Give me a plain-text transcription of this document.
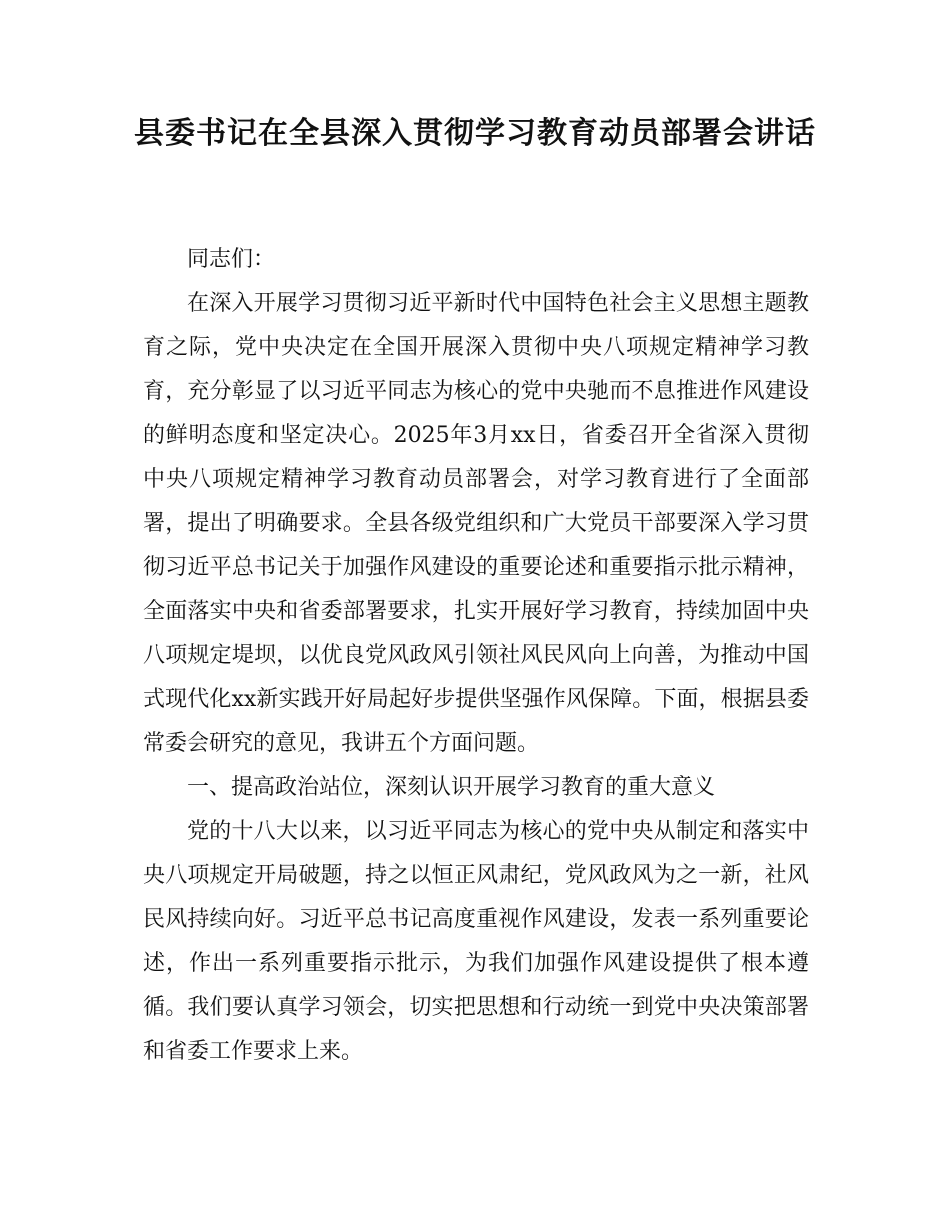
县委书记在全县深入贯彻学习教育动员部署会讲话

同志们：

在深入开展学习贯彻习近平新时代中国特色社会主义思想主题教育之际，党中央决定在全国开展深入贯彻中央八项规定精神学习教育，充分彰显了以习近平同志为核心的党中央驰而不息推进作风建设的鲜明态度和坚定决心。2025年3月xx日，省委召开全省深入贯彻中央八项规定精神学习教育动员部署会，对学习教育进行了全面部署，提出了明确要求。全县各级党组织和广大党员干部要深入学习贯彻习近平总书记关于加强作风建设的重要论述和重要指示批示精神，全面落实中央和省委部署要求，扎实开展好学习教育，持续加固中央八项规定堤坝，以优良党风政风引领社风民风向上向善，为推动中国式现代化xx新实践开好局起好步提供坚强作风保障。下面，根据县委常委会研究的意见，我讲五个方面问题。

一、提高政治站位，深刻认识开展学习教育的重大意义

党的十八大以来，以习近平同志为核心的党中央从制定和落实中央八项规定开局破题，持之以恒正风肃纪，党风政风为之一新，社风民风持续向好。习近平总书记高度重视作风建设，发表一系列重要论述，作出一系列重要指示批示，为我们加强作风建设提供了根本遵循。我们要认真学习领会，切实把思想和行动统一到党中央决策部署和省委工作要求上来。
